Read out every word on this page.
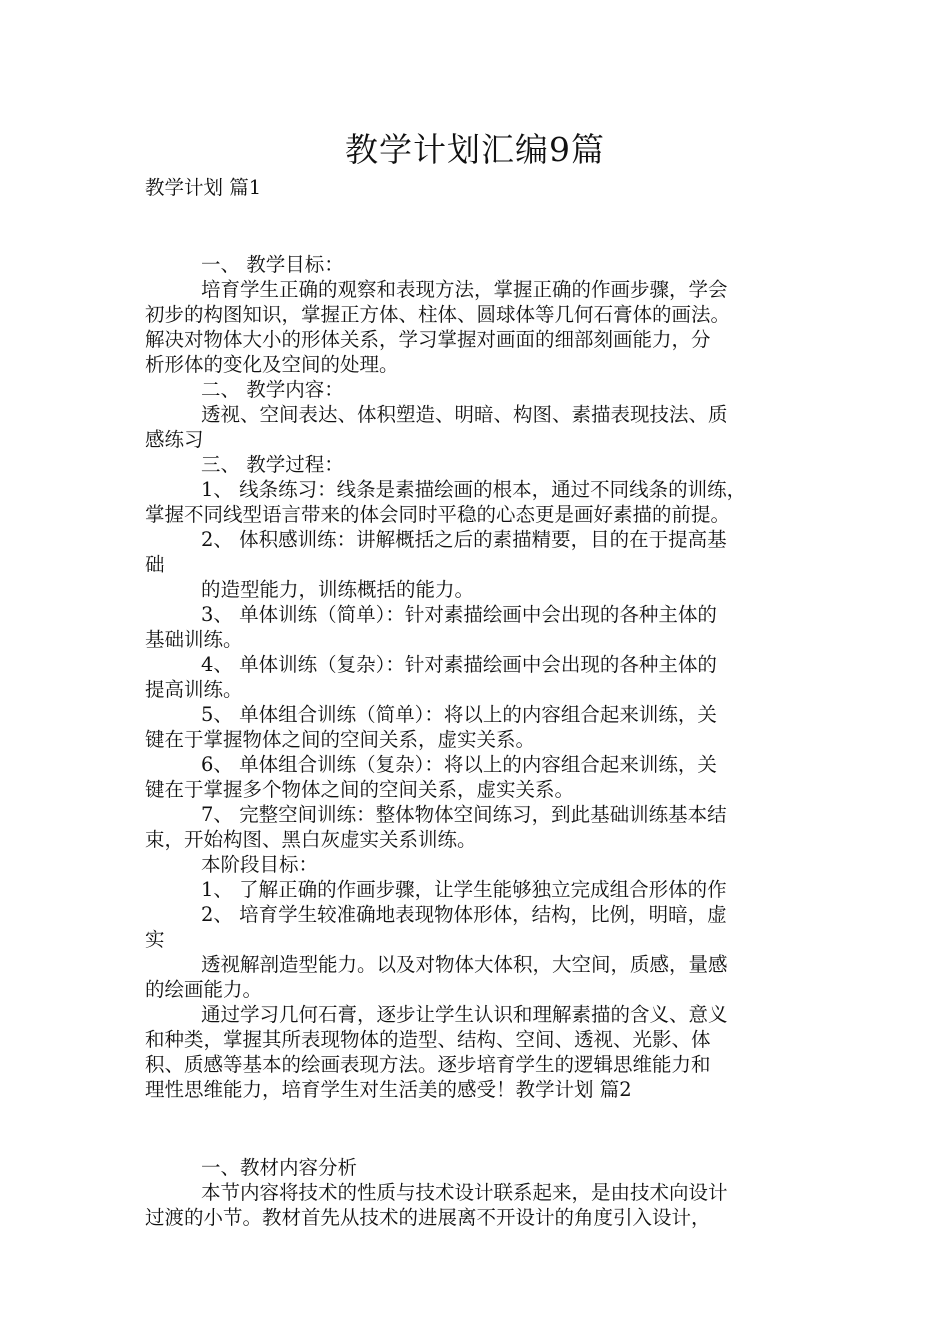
教学计划汇编9篇
教学计划 篇1
一、 教学目标：
培育学生正确的观察和表现方法，掌握正确的作画步骤，学会
初步的构图知识，掌握正方体、柱体、圆球体等几何石膏体的画法。
解决对物体大小的形体关系，学习掌握对画面的细部刻画能力，分
析形体的变化及空间的处理。
二、 教学内容：
透视、空间表达、体积塑造、明暗、构图、素描表现技法、质
感练习
三、 教学过程：
1、 线条练习：线条是素描绘画的根本，通过不同线条的训练，
掌握不同线型语言带来的体会同时平稳的心态更是画好素描的前提。
2、 体积感训练：讲解概括之后的素描精要，目的在于提高基
础
的造型能力，训练概括的能力。
3、 单体训练（简单）：针对素描绘画中会出现的各种主体的
基础训练。
4、 单体训练（复杂）：针对素描绘画中会出现的各种主体的
提高训练。
5、 单体组合训练（简单）：将以上的内容组合起来训练，关
键在于掌握物体之间的空间关系，虚实关系。
6、 单体组合训练（复杂）：将以上的内容组合起来训练，关
键在于掌握多个物体之间的空间关系，虚实关系。
7、 完整空间训练：整体物体空间练习，到此基础训练基本结
束，开始构图、黑白灰虚实关系训练。
本阶段目标：
1、 了解正确的作画步骤，让学生能够独立完成组合形体的作
2、 培育学生较准确地表现物体形体，结构，比例，明暗，虚
实
透视解剖造型能力。以及对物体大体积，大空间，质感，量感
的绘画能力。
通过学习几何石膏，逐步让学生认识和理解素描的含义、意义
和种类，掌握其所表现物体的造型、结构、空间、透视、光影、体
积、质感等基本的绘画表现方法。逐步培育学生的逻辑思维能力和
理性思维能力，培育学生对生活美的感受！教学计划 篇2
一、教材内容分析
本节内容将技术的性质与技术设计联系起来，是由技术向设计
过渡的小节。教材首先从技术的进展离不开设计的角度引入设计，
